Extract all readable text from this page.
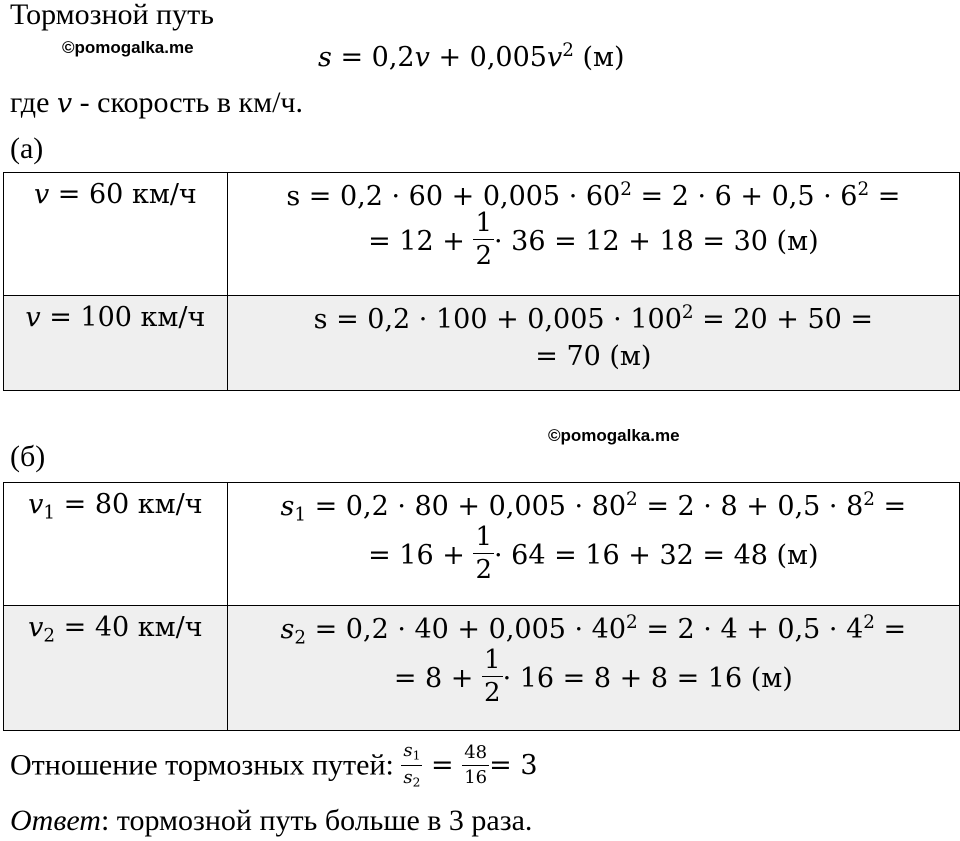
Тормозной путь
©pomogalka.me	$s = 0,2v + 0,005v^2$ (м)
где v - скорость в км/ч.
(а)
v = 60 км/ч	$s = 0,2 \cdot 60 + 0,005 \cdot 60^2 = 2 \cdot 6 + 0,5 \cdot 6^2$ =
= $12 + \frac{1}{2} \cdot 36 = 12 + 18 = 30$ (м)

v = 100 км/ч	$s = 0,2 \cdot 100 + 0,005 \cdot 100^2 = 20 + 50$ =
= 70 (м)
©pomogalka.me
(б)
$v_1 = 80$ км/ч	$s_1 = 0,2 \cdot 80 + 0,005 \cdot 80^2 = 2 \cdot 8 + 0,5 \cdot 8^2$ =
= $16 + \frac{1}{2} \cdot 64 = 16 + 32 = 48$ (м)

$v_2 = 40$ км/ч	$s_2 = 0,2 \cdot 40 + 0,005 \cdot 40^2 = 2 \cdot 4 + 0,5 \cdot 4^2$ =
= $8 + \frac{1}{2} \cdot 16 = 8 + 8 = 16$ (м)
Отношение тормозных путей: $\frac{s_1}{s_2} = \frac{48}{16} = 3$
Ответ: тормозной путь больше в 3 раза.
